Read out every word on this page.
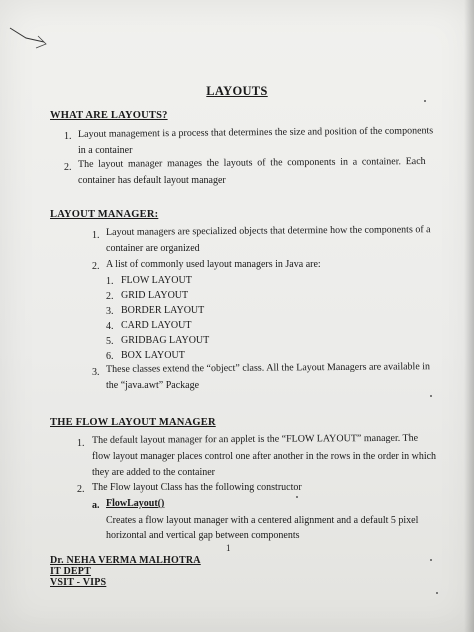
LAYOUTS
WHAT ARE LAYOUTS?
1. Layout management is a process that determines the size and position of the components
in a container
2. The layout manager manages the layouts of the components in a container. Each
container has default layout manager
LAYOUT MANAGER:
1. Layout managers are specialized objects that determine how the components of a
container are organized
2. A list of commonly used layout managers in Java are:
1. FLOW LAYOUT
2. GRID LAYOUT
3. BORDER LAYOUT
4. CARD LAYOUT
5. GRIDBAG LAYOUT
6. BOX LAYOUT
3. These classes extend the “object” class. All the Layout Managers are available in
the “java.awt” Package
THE FLOW LAYOUT MANAGER
1. The default layout manager for an applet is the “FLOW LAYOUT” manager. The
flow layout manager places control one after another in the rows in the order in which
they are added to the container
2. The Flow layout Class has the following constructor
a. FlowLayout()
Creates a flow layout manager with a centered alignment and a default 5 pixel
horizontal and vertical gap between components
1
Dr. NEHA VERMA MALHOTRA
IT DEPT
VSIT - VIPS
